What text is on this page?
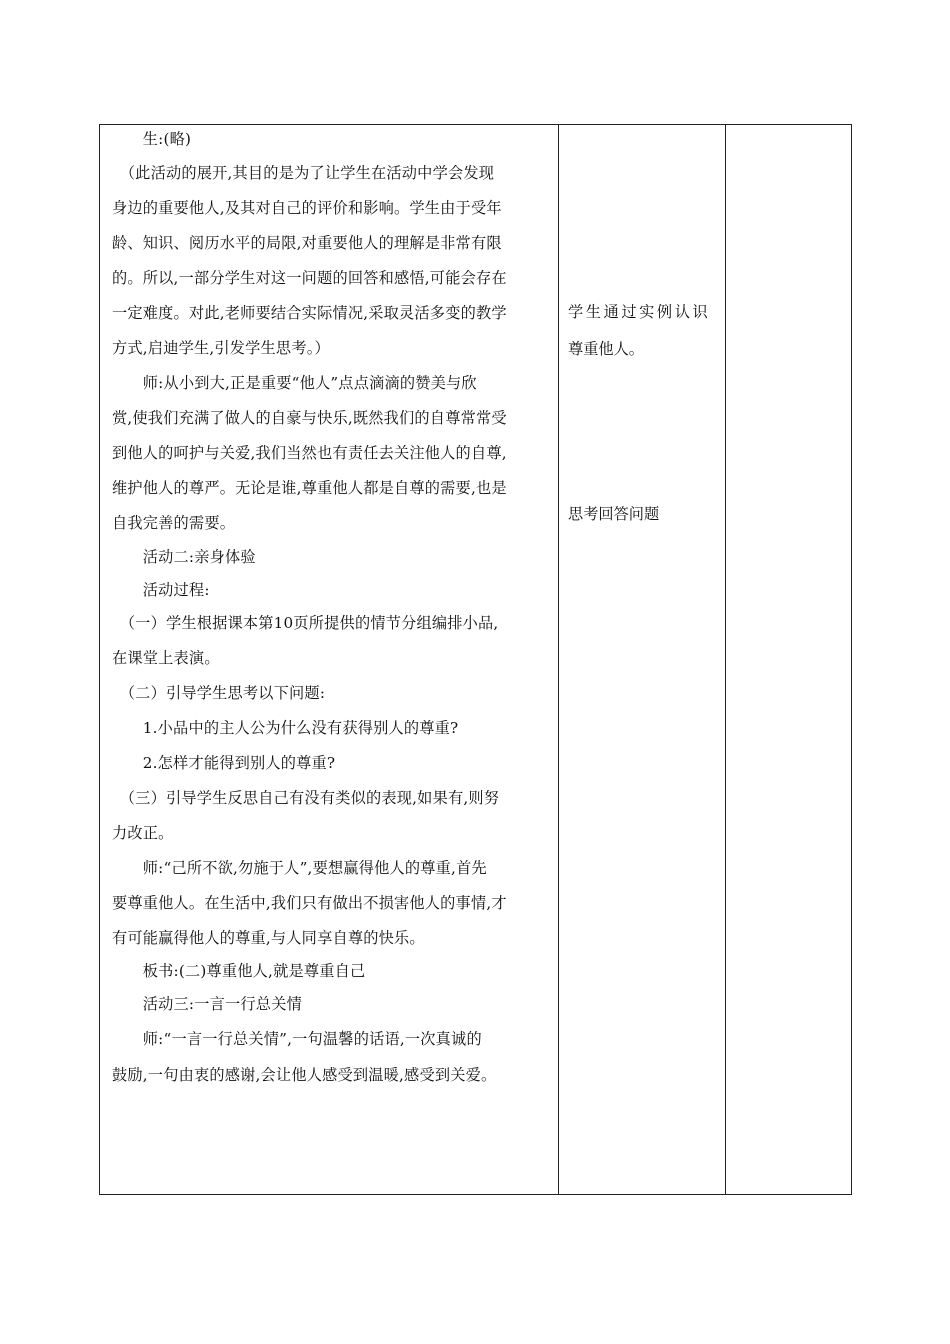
　　生:(略)
　（此活动的展开,其目的是为了让学生在活动中学会发现
身边的重要他人,及其对自己的评价和影响。学生由于受年
龄、知识、阅历水平的局限,对重要他人的理解是非常有限
的。所以,一部分学生对这一问题的回答和感悟,可能会存在
一定难度。对此,老师要结合实际情况,采取灵活多变的教学
方式,启迪学生,引发学生思考。）
　　师:从小到大,正是重要“他人”点点滴滴的赞美与欣
赏,使我们充满了做人的自豪与快乐,既然我们的自尊常常受
到他人的呵护与关爱,我们当然也有责任去关注他人的自尊,
维护他人的尊严。无论是谁,尊重他人都是自尊的需要,也是
自我完善的需要。
　　活动二:亲身体验
　　活动过程:
　（一）学生根据课本第10页所提供的情节分组编排小品,
在课堂上表演。
　（二）引导学生思考以下问题:
　　1.小品中的主人公为什么没有获得别人的尊重?
　　2.怎样才能得到别人的尊重?
　（三）引导学生反思自己有没有类似的表现,如果有,则努
力改正。
　　师:“己所不欲,勿施于人”,要想赢得他人的尊重,首先
要尊重他人。在生活中,我们只有做出不损害他人的事情,才
有可能赢得他人的尊重,与人同享自尊的快乐。
　　板书:(二)尊重他人,就是尊重自己
　　活动三:一言一行总关情
　　师:“一言一行总关情”,一句温馨的话语,一次真诚的
鼓励,一句由衷的感谢,会让他人感受到温暖,感受到关爱。
学生通过实例认识
尊重他人。
思考回答问题
